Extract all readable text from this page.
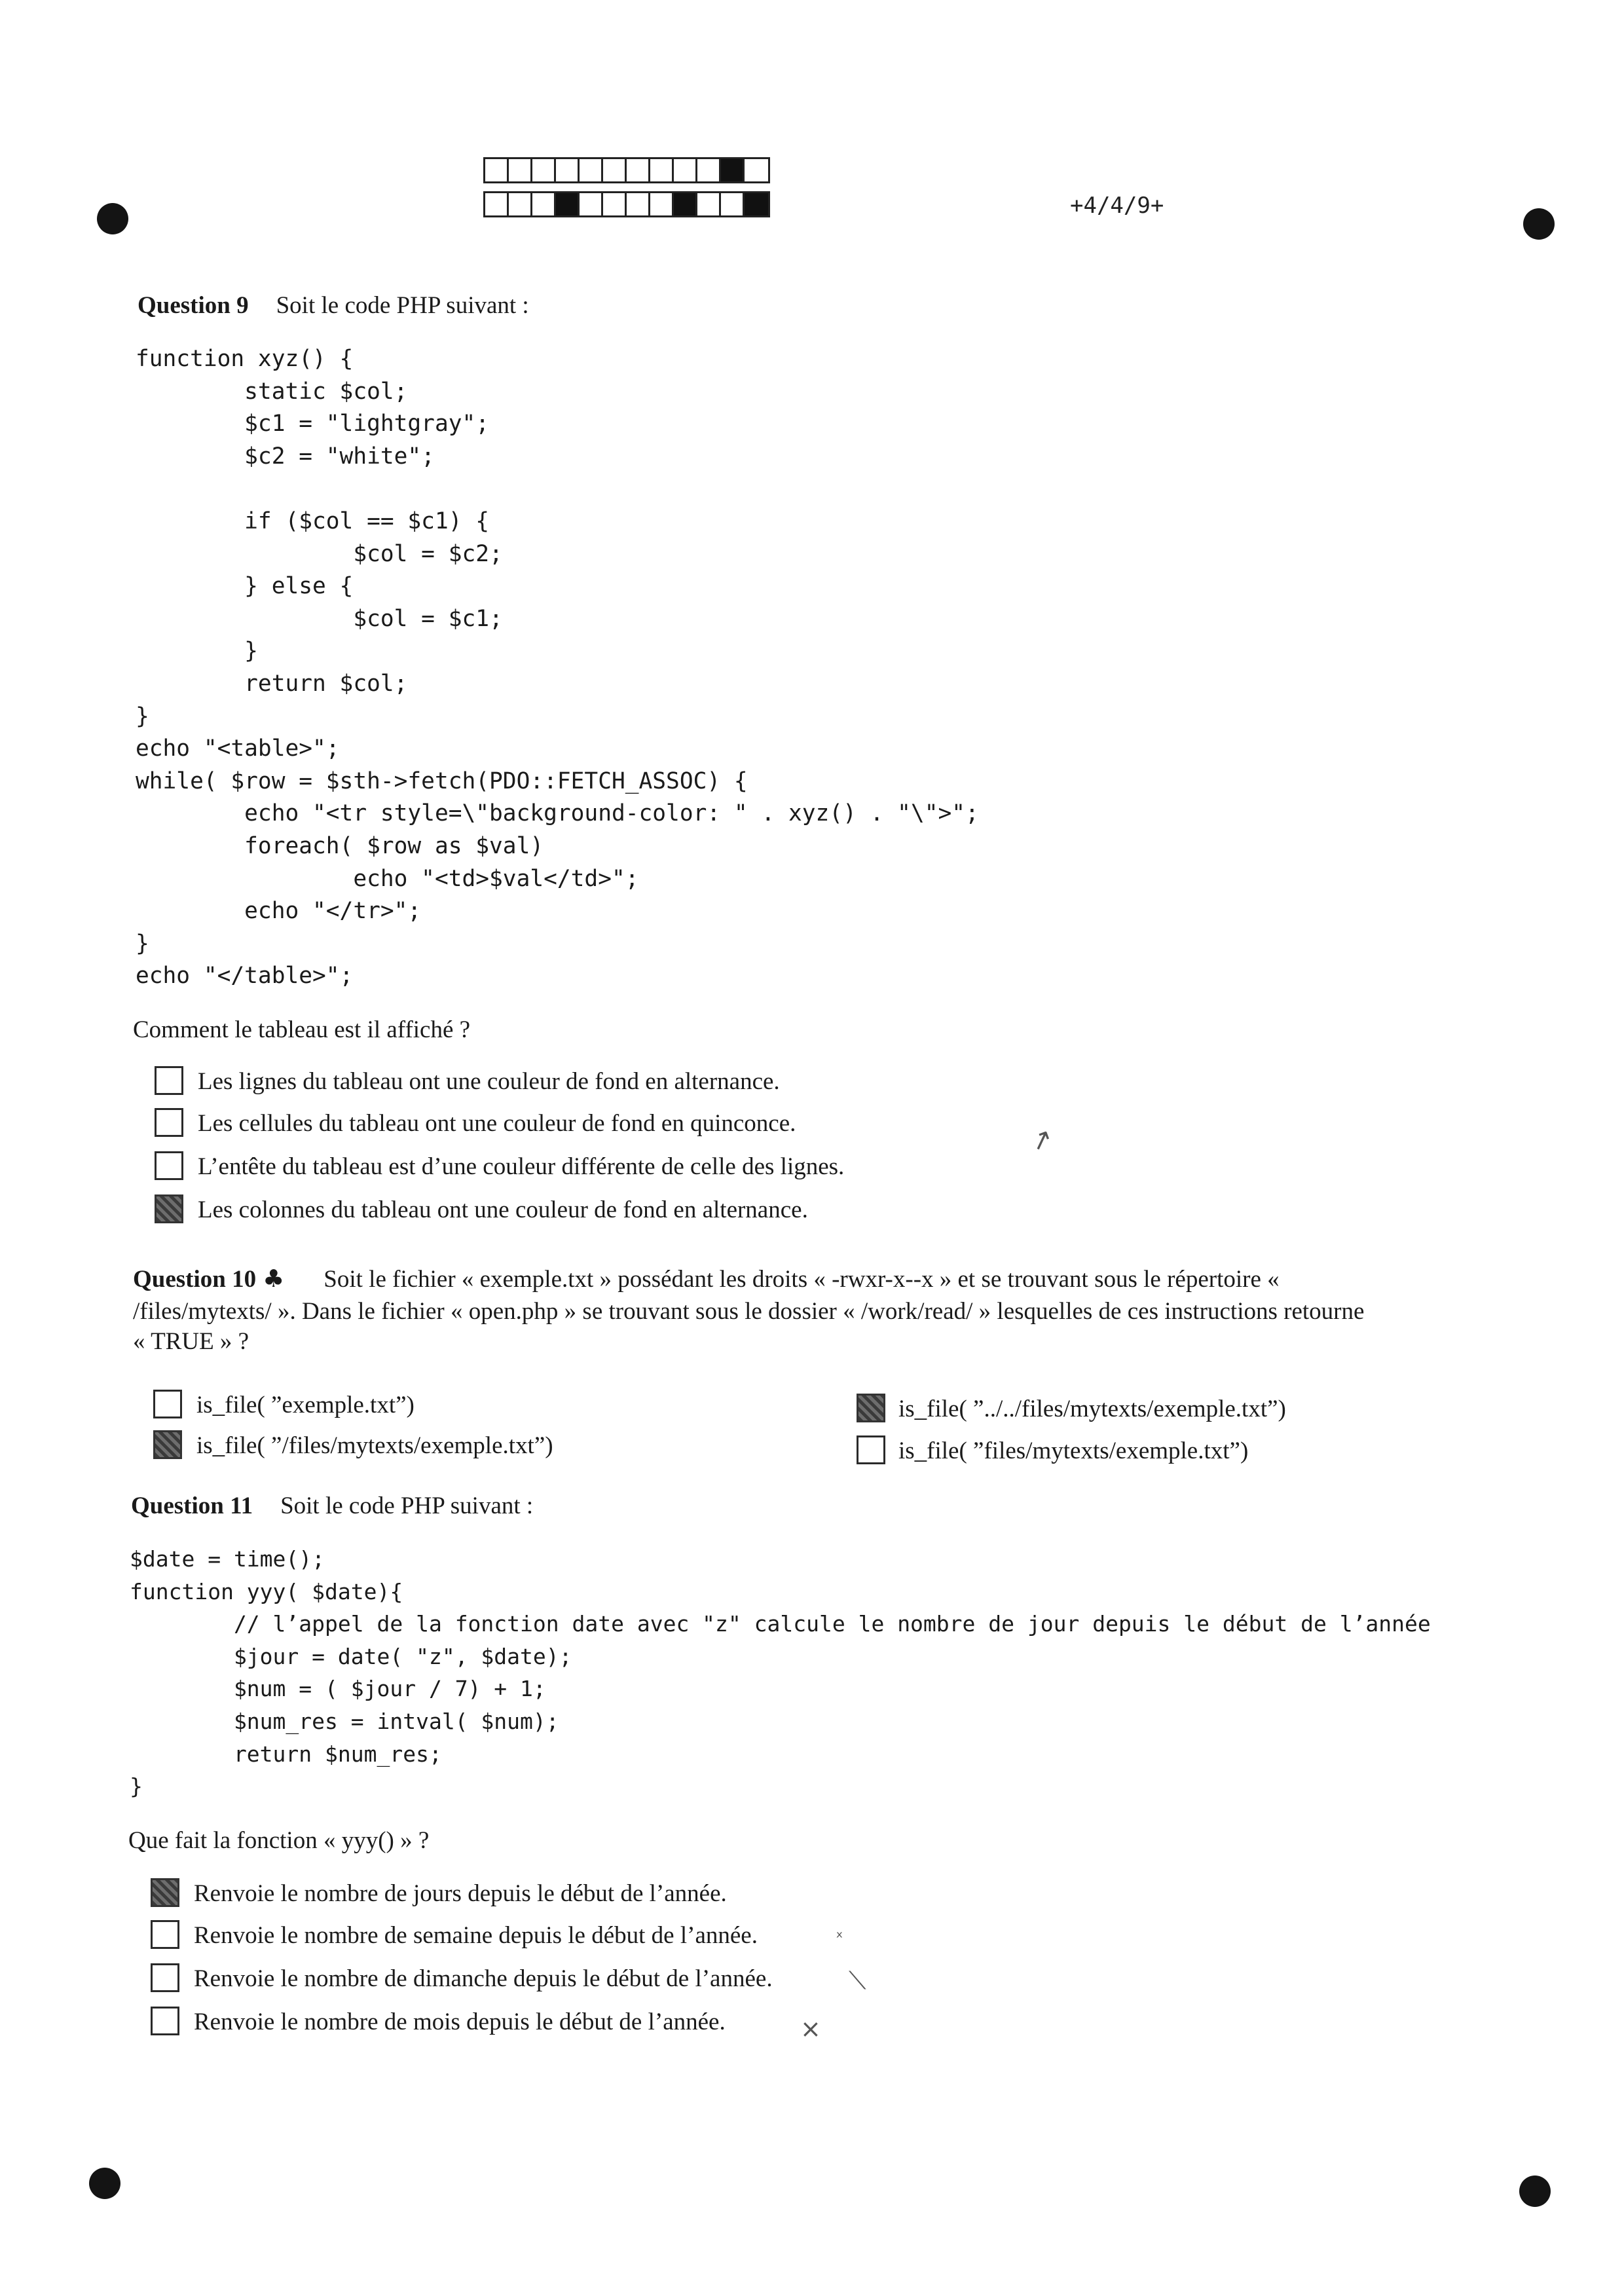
+4/4/9+
Question 9 Soit le code PHP suivant :
function xyz() {
static $col;
$c1 = "lightgray";
$c2 = "white";

if ($col == $c1) {
$col = $c2;
} else {
$col = $c1;
}
return $col;
}
echo "<table>";
while( $row = $sth->fetch(PDO::FETCH_ASSOC) {
echo "<tr style=\"background-color: " . xyz() . "\">";
foreach( $row as $val)
echo "<td>$val</td>";
echo "</tr>";
}
echo "</table>";
Comment le tableau est il affiché ?
Les lignes du tableau ont une couleur de fond en alternance.
Les cellules du tableau ont une couleur de fond en quinconce.
L’entête du tableau est d’une couleur différente de celle des lignes.
Les colonnes du tableau ont une couleur de fond en alternance.
↗
Question 10 ♣ Soit le fichier « exemple.txt » possédant les droits « -rwxr-x--x » et se trouvant sous le répertoire «
/files/mytexts/ ». Dans le fichier « open.php » se trouvant sous le dossier « /work/read/ » lesquelles de ces instructions retourne
« TRUE » ?
is_file( ”exemple.txt”)
is_file( ”/files/mytexts/exemple.txt”)
is_file( ”../../files/mytexts/exemple.txt”)
is_file( ”files/mytexts/exemple.txt”)
Question 11 Soit le code PHP suivant :
$date = time();
function yyy( $date){
// l’appel de la fonction date avec "z" calcule le nombre de jour depuis le début de l’année
$jour = date( "z", $date);
$num = ( $jour / 7) + 1;
$num_res = intval( $num);
return $num_res;
}
Que fait la fonction « yyy() » ?
Renvoie le nombre de jours depuis le début de l’année.
Renvoie le nombre de semaine depuis le début de l’année.
Renvoie le nombre de dimanche depuis le début de l’année.
Renvoie le nombre de mois depuis le début de l’année.
ˣ
⟍
×
